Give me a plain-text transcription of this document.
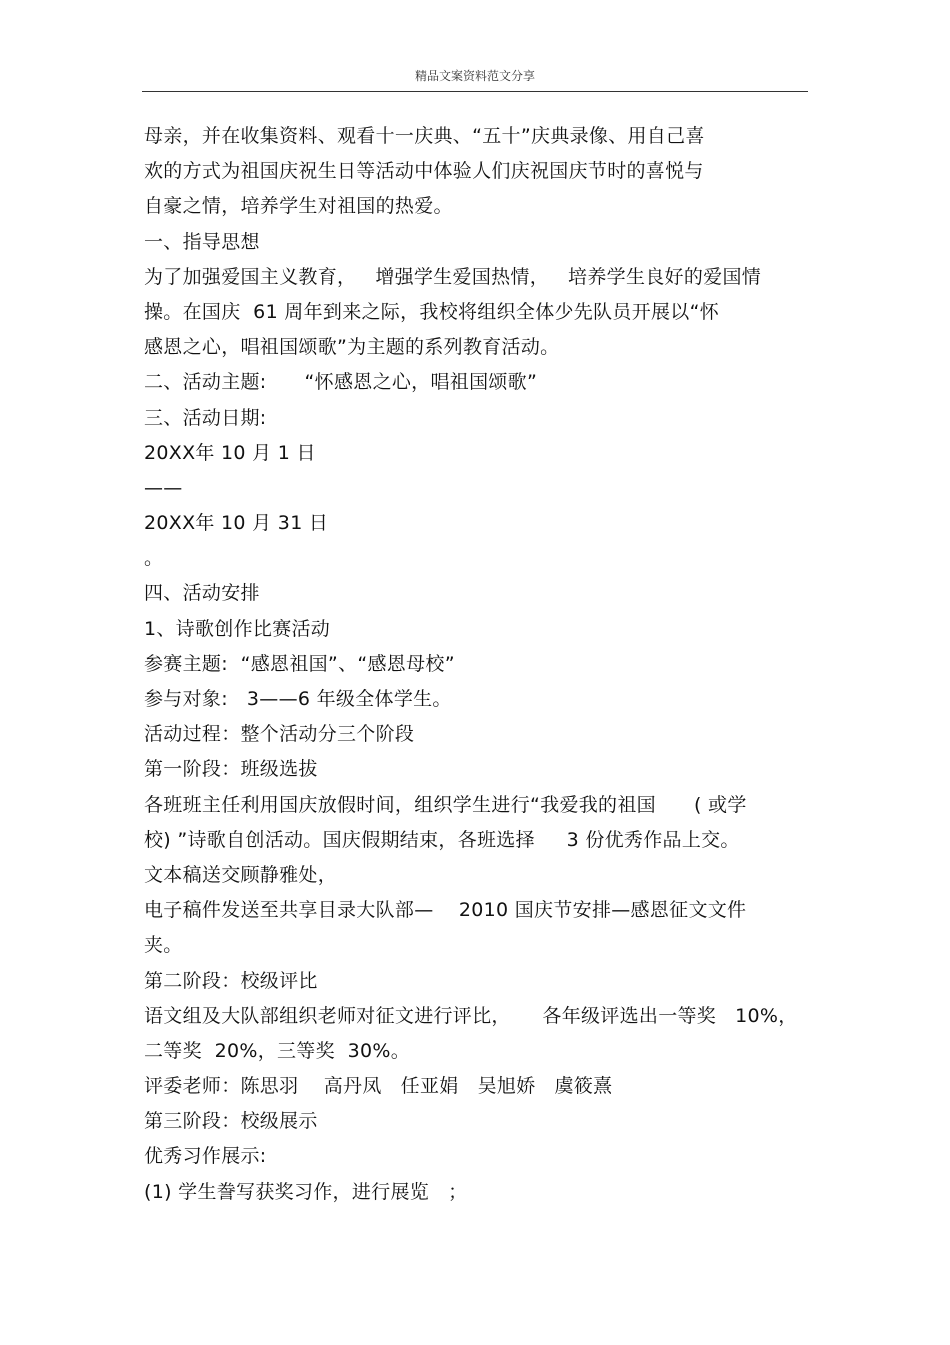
精品文案资料范文分享
母亲，并在收集资料、观看十一庆典、“五十”庆典录像、用自己喜
欢的方式为祖国庆祝生日等活动中体验人们庆祝国庆节时的喜悦与
自豪之情，培养学生对祖国的热爱。
一、指导思想
为了加强爱国主义教育，   增强学生爱国热情，   培养学生良好的爱国情
操。在国庆  61 周年到来之际，我校将组织全体少先队员开展以“怀
感恩之心，唱祖国颂歌”为主题的系列教育活动。
二、活动主题:      “怀感恩之心，唱祖国颂歌”
三、活动日期:
20XX年 10 月 1 日
——
20XX年 10 月 31 日
。
四、活动安排
1、诗歌创作比赛活动
参赛主题:  “感恩祖国”、“感恩母校”
参与对象:   3——6 年级全体学生。
活动过程：整个活动分三个阶段
第一阶段：班级选拔
各班班主任利用国庆放假时间，组织学生进行“我爱我的祖国      ( 或学
校) ”诗歌自创活动。国庆假期结束，各班选择     3 份优秀作品上交。
文本稿送交顾静雅处，
电子稿件发送至共享目录大队部—    2010 国庆节安排—感恩征文文件
夹。
第二阶段：校级评比
语文组及大队部组织老师对征文进行评比，     各年级评选出一等奖   10%，
二等奖  20%，三等奖  30%。
评委老师：陈思羽    高丹凤   任亚娟   吴旭娇   虞筱熹
第三阶段：校级展示
优秀习作展示:
(1) 学生誊写获奖习作，进行展览   ；
